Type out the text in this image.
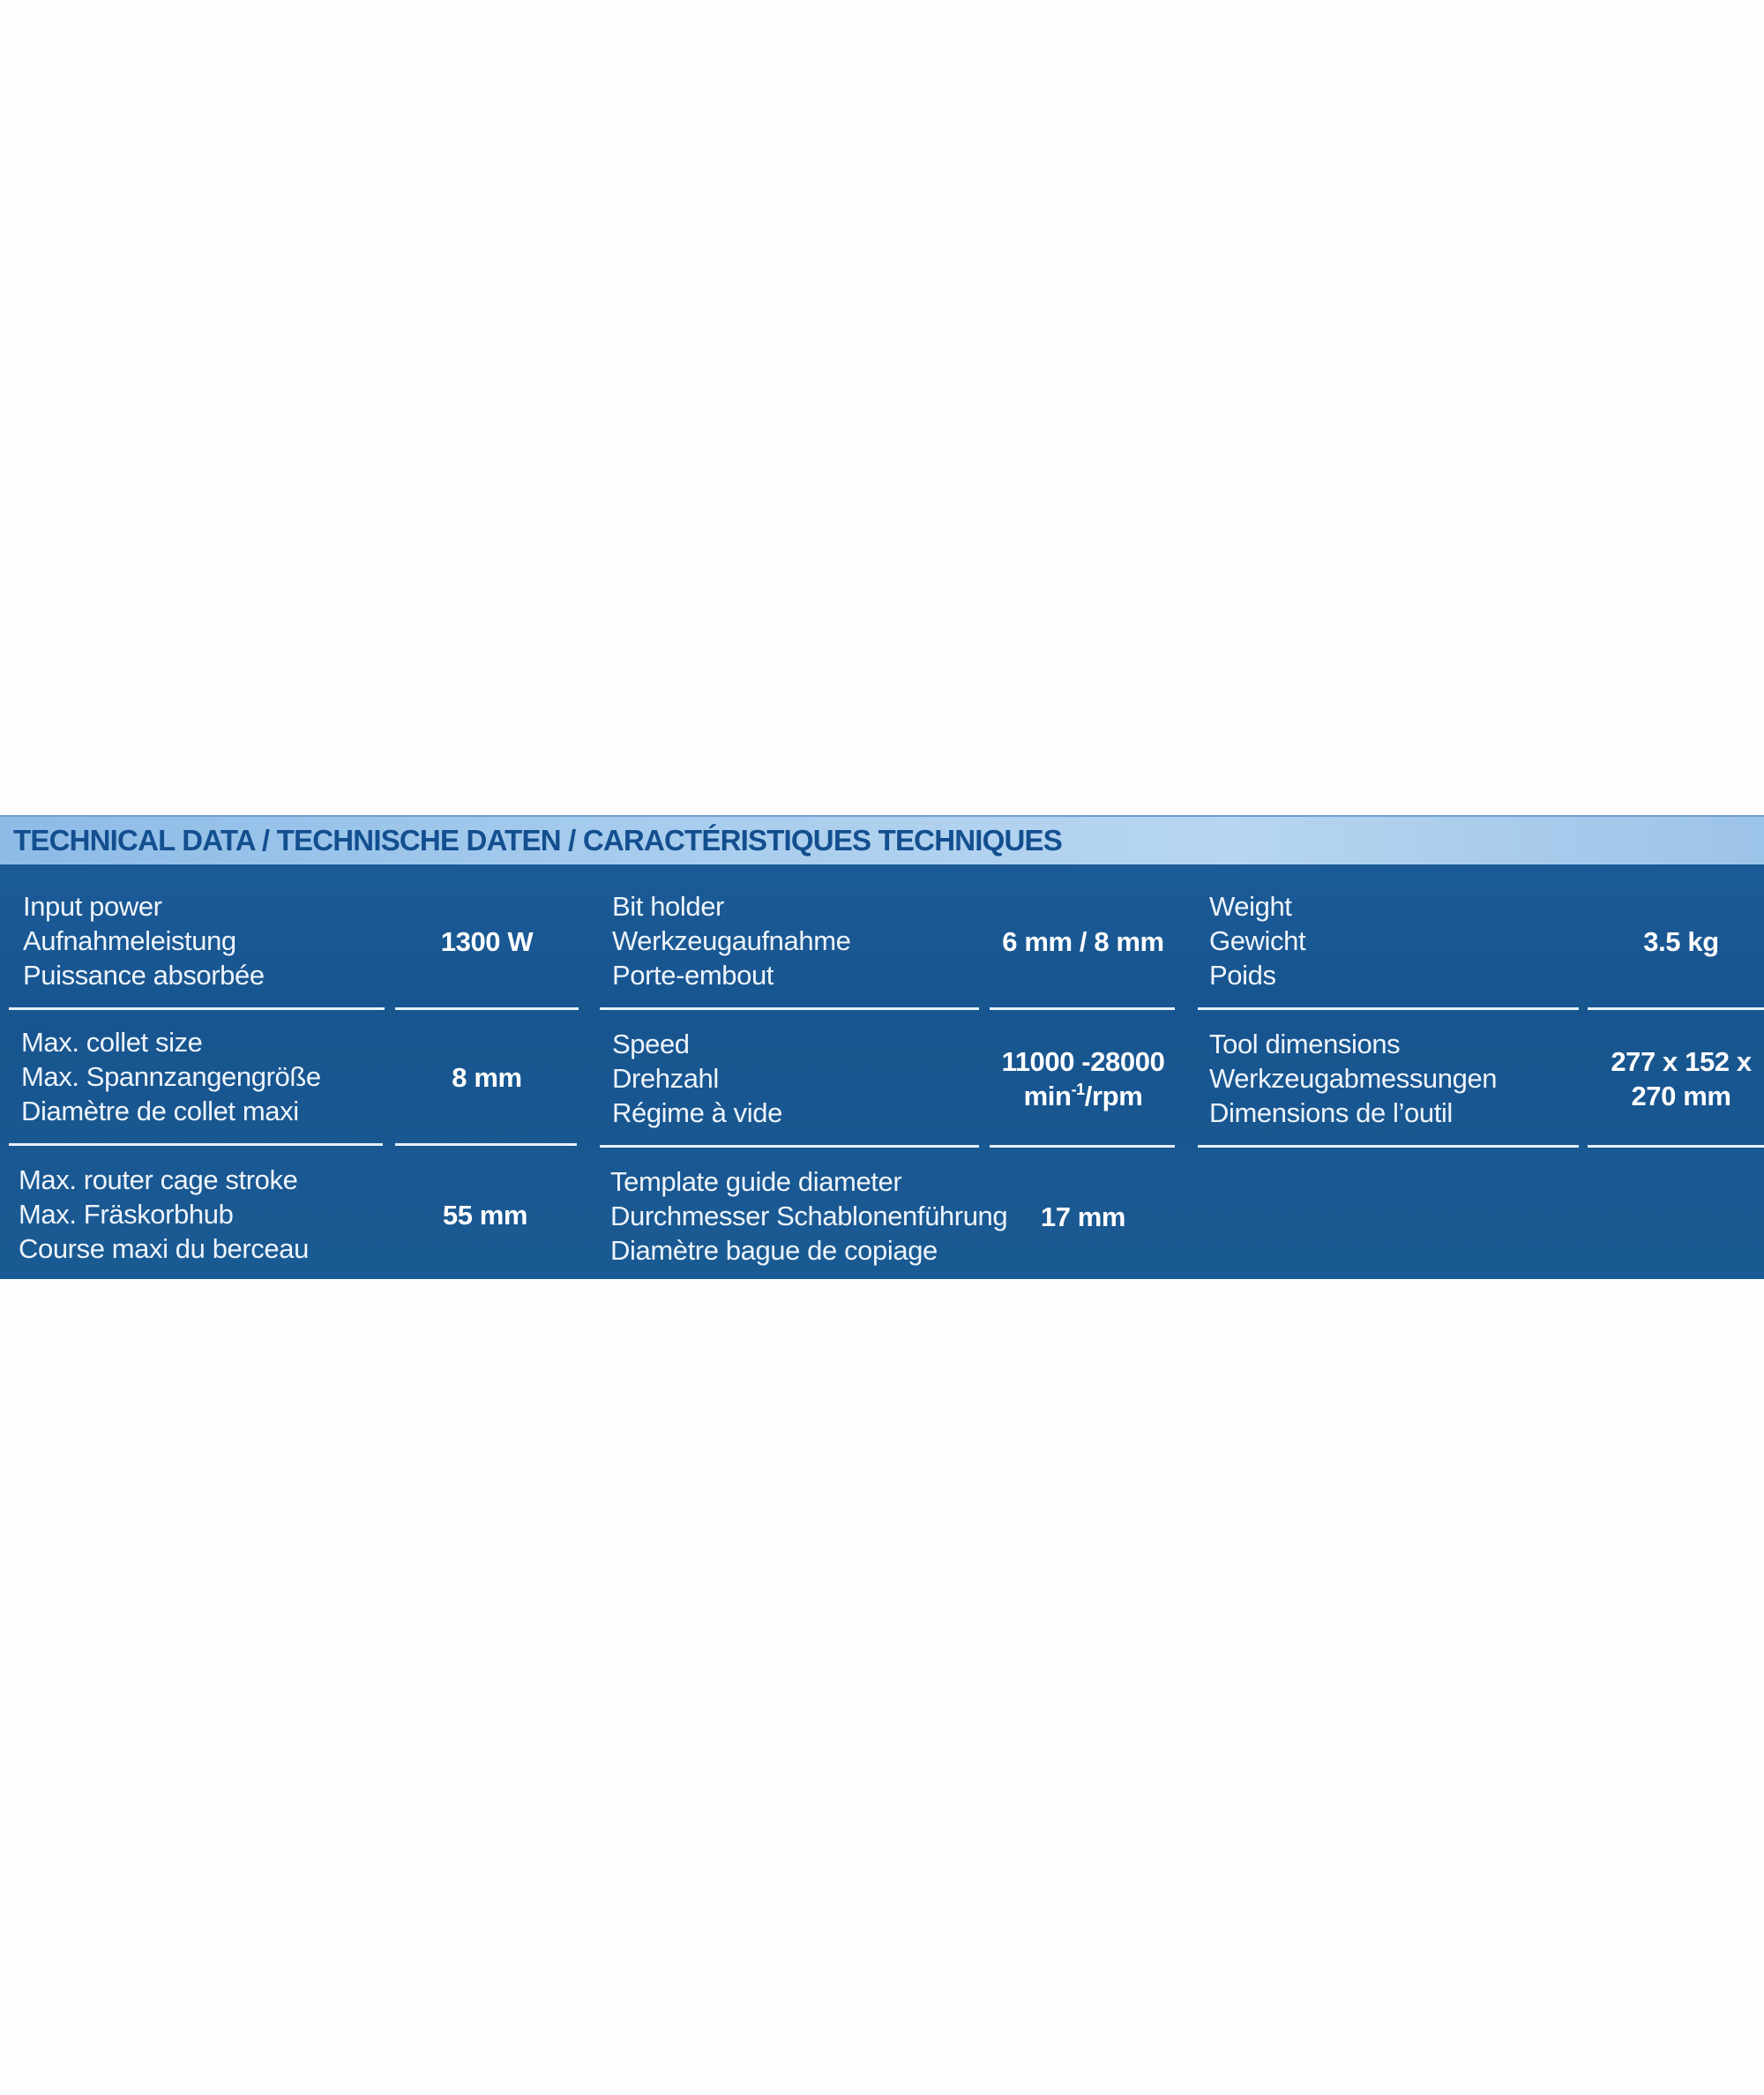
TECHNICAL DATA / TECHNISCHE DATEN / CARACTÉRISTIQUES TECHNIQUES
Input power
Aufnahmeleistung
Puissance absorbée
1300 W
Bit holder
Werkzeugaufnahme
Porte-embout
6 mm / 8 mm
Weight
Gewicht
Poids
3.5 kg
Max. collet size
Max. Spannzangengröße
Diamètre de collet maxi
8 mm
Speed
Drehzahl
Régime à vide
11000 -28000
$\min^{-1}$/rpm
Tool dimensions
Werkzeugabmessungen
Dimensions de l’outil
277 x 152 x
270 mm
Max. router cage stroke
Max. Fräskorbhub
Course maxi du berceau
55 mm
Template guide diameter
Durchmesser Schablonenführung
Diamètre bague de copiage
17 mm
